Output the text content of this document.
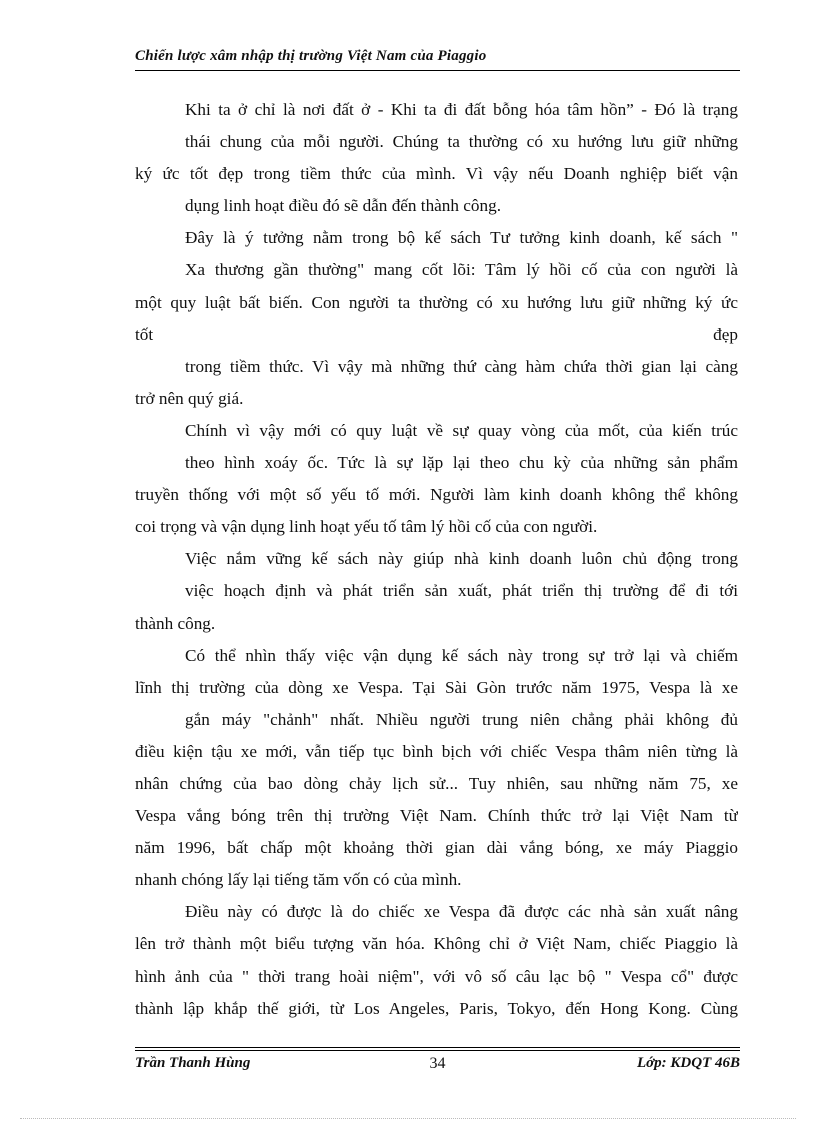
Chiến lược xâm nhập thị trường Việt Nam của Piaggio
Khi ta ở chỉ là nơi đất ở - Khi ta đi đất bỗng hóa tâm hồn” - Đó là trạng
thái chung của mỗi người. Chúng ta thường có xu hướng lưu giữ những
ký ức tốt đẹp trong tiềm thức của mình. Vì vậy nếu Doanh nghiệp biết vận
dụng linh hoạt điều đó sẽ dẫn đến thành công.
Đây là ý tưởng nằm trong bộ kế sách Tư tưởng kinh doanh, kế sách "
Xa thương gần thường" mang cốt lõi: Tâm lý hồi cố của con người là
một quy luật bất biến. Con người ta thường có xu hướng lưu giữ những ký ức
tốt đẹp
trong tiềm thức. Vì vậy mà những thứ càng hàm chứa thời gian lại càng
trở nên quý giá.
Chính vì vậy mới có quy luật về sự quay vòng của mốt, của kiến trúc
theo hình xoáy ốc. Tức là sự lặp lại theo chu kỳ của những sản phẩm
truyền thống với một số yếu tố mới. Người làm kinh doanh không thể không
coi trọng và vận dụng linh hoạt yếu tố tâm lý hồi cố của con người.
Việc nắm vững kế sách này giúp nhà kinh doanh luôn chủ động trong
việc hoạch định và phát triển sản xuất, phát triển thị trường để đi tới
thành công.
Có thể nhìn thấy việc vận dụng kế sách này trong sự trở lại và chiếm
lĩnh thị trường của dòng xe Vespa. Tại Sài Gòn trước năm 1975, Vespa là xe
gắn máy "chảnh" nhất. Nhiều người trung niên chẳng phải không đủ
điều kiện tậu xe mới, vẫn tiếp tục bình bịch với chiếc Vespa thâm niên từng là
nhân chứng của bao dòng chảy lịch sử... Tuy nhiên, sau những năm 75, xe
Vespa vắng bóng trên thị trường Việt Nam. Chính thức trở lại Việt Nam từ
năm 1996, bất chấp một khoảng thời gian dài vắng bóng, xe máy Piaggio
nhanh chóng lấy lại tiếng tăm vốn có của mình.
Điều này có được là do chiếc xe Vespa đã được các nhà sản xuất nâng
lên trở thành một biểu tượng văn hóa. Không chỉ ở Việt Nam, chiếc Piaggio là
hình ảnh của " thời trang hoài niệm", với vô số câu lạc bộ " Vespa cổ" được
thành lập khắp thế giới, từ Los Angeles, Paris, Tokyo, đến Hong Kong. Cùng
Trần Thanh Hùng	34	Lớp: KDQT 46B
